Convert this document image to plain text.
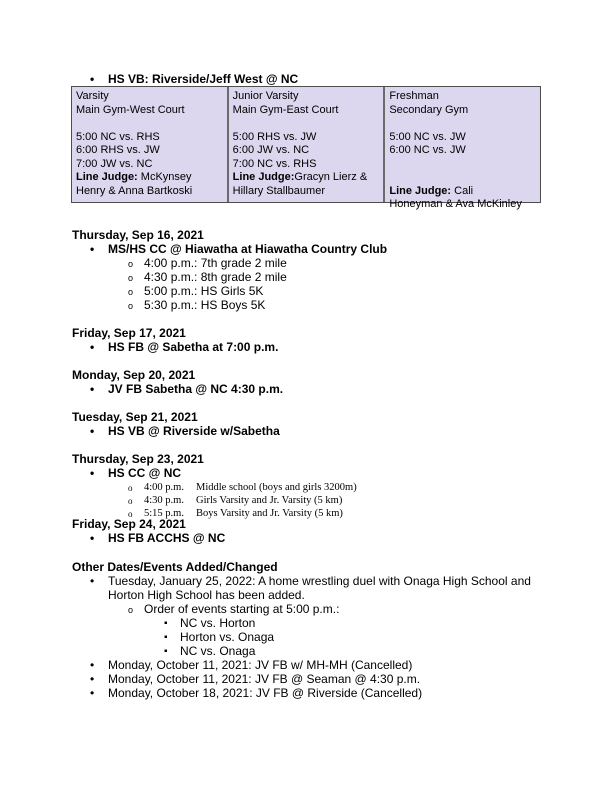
• HS VB: Riverside/Jeff West @ NC
Varsity
Main Gym-West Court
5:00 NC vs. RHS
6:00 RHS vs. JW
7:00 JW vs. NC
Line Judge: McKynsey
Henry & Anna Bartkoski
Junior Varsity
Main Gym-East Court
5:00 RHS vs. JW
6:00 JW vs. NC
7:00 NC vs. RHS
Line Judge:Gracyn Lierz &
Hillary Stallbaumer
Freshman
Secondary Gym
5:00 NC vs. JW
6:00 NC vs. JW
Line Judge: Cali
Honeyman & Ava McKinley
Thursday, Sep 16, 2021
• MS/HS CC @ Hiawatha at Hiawatha Country Club
o 4:00 p.m.: 7th grade 2 mile
o 4:30 p.m.: 8th grade 2 mile
o 5:00 p.m.: HS Girls 5K
o 5:30 p.m.: HS Boys 5K
Friday, Sep 17, 2021
• HS FB @ Sabetha at 7:00 p.m.
Monday, Sep 20, 2021
• JV FB Sabetha @ NC 4:30 p.m.
Tuesday, Sep 21, 2021
• HS VB @ Riverside w/Sabetha
Thursday, Sep 23, 2021
• HS CC @ NC
o 4:00 p.m. Middle school (boys and girls 3200m)
o 4:30 p.m. Girls Varsity and Jr. Varsity (5 km)
o 5:15 p.m. Boys Varsity and Jr. Varsity (5 km)
Friday, Sep 24, 2021
• HS FB ACCHS @ NC
Other Dates/Events Added/Changed
• Tuesday, January 25, 2022: A home wrestling duel with Onaga High School and
Horton High School has been added.
o Order of events starting at 5:00 p.m.:
▪ NC vs. Horton
▪ Horton vs. Onaga
▪ NC vs. Onaga
• Monday, October 11, 2021: JV FB w/ MH-MH (Cancelled)
• Monday, October 11, 2021: JV FB @ Seaman @ 4:30 p.m.
• Monday, October 18, 2021: JV FB @ Riverside (Cancelled)
